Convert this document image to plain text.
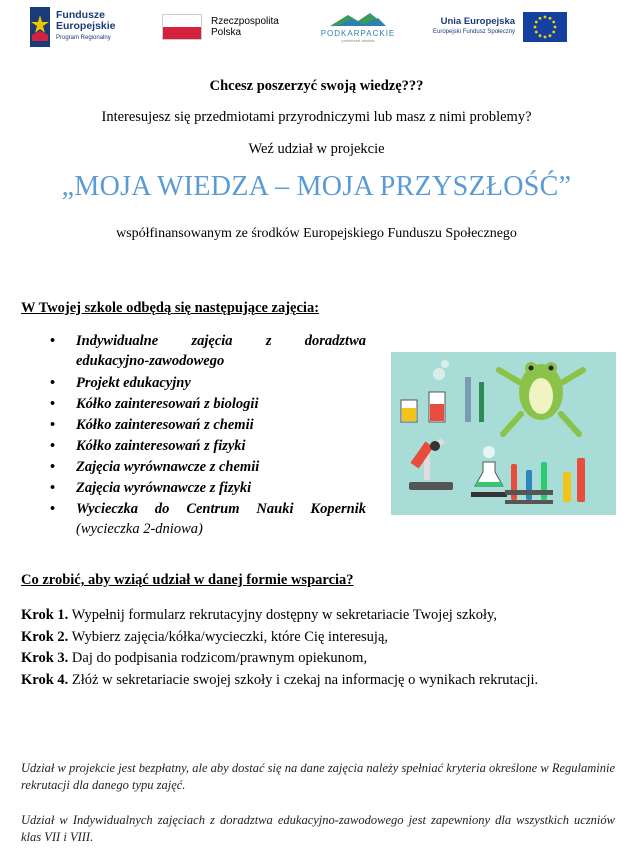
Fundusze
Europejskie
Program Regionalny
Rzeczpospolita
Polska	PODKARPACKIE
przestrzeń otwarta
Unia Europejska
Europejski Fundusz Społeczny
Chcesz poszerzyć swoją wiedzę???
Interesujesz się przedmiotami przyrodniczymi lub masz z nimi problemy?
Weź udział w projekcie
„MOJA WIEDZA – MOJA PRZYSZŁOŚĆ”
współfinansowanym ze środków Europejskiego Funduszu Społecznego
W Twojej szkole odbędą się następujące zajęcia:
• Indywidualne zajęcia z doradztwa
edukacyjno-zawodowego
• Projekt edukacyjny
• Kółko zainteresowań z biologii
• Kółko zainteresowań z chemii
• Kółko zainteresowań z fizyki
• Zajęcia wyrównawcze z chemii
• Zajęcia wyrównawcze z fizyki
• Wycieczka do Centrum Nauki Kopernik
(wycieczka 2-dniowa)
Co zrobić, aby wziąć udział w danej formie wsparcia?
Krok 1. Wypełnij formularz rekrutacyjny dostępny w sekretariacie Twojej szkoły,
Krok 2. Wybierz zajęcia/kółka/wycieczki, które Cię interesują,
Krok 3. Daj do podpisania rodzicom/prawnym opiekunom,
Krok 4. Złóż w sekretariacie swojej szkoły i czekaj na informację o wynikach rekrutacji.
Udział w projekcie jest bezpłatny, ale aby dostać się na dane zajęcia należy spełniać kryteria określone w Regulaminie rekrutacji dla danego typu zajęć.
Udział w Indywidualnych zajęciach z doradztwa edukacyjno-zawodowego jest zapewniony dla wszystkich uczniów klas VII i VIII.
